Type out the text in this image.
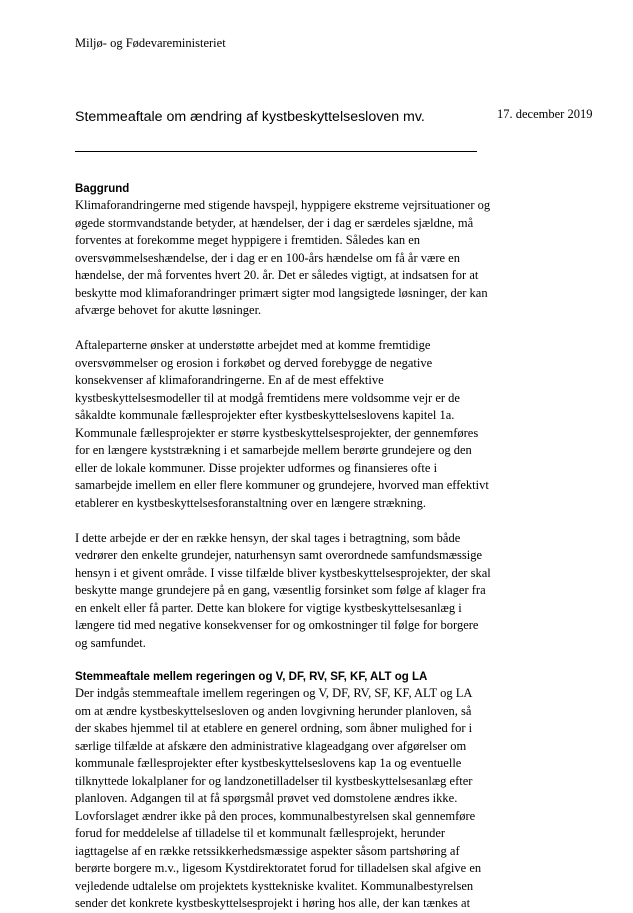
Miljø- og Fødevareministeriet
Stemmeaftale om ændring af kystbeskyttelsesloven mv.	17. december 2019
Baggrund
Klimaforandringerne med stigende havspejl, hyppigere ekstreme vejrsituationer og
øgede stormvandstande betyder, at hændelser, der i dag er særdeles sjældne, må
forventes at forekomme meget hyppigere i fremtiden. Således kan en
oversvømmelseshændelse, der i dag er en 100-års hændelse om få år være en
hændelse, der må forventes hvert 20. år. Det er således vigtigt, at indsatsen for at
beskytte mod klimaforandringer primært sigter mod langsigtede løsninger, der kan
afværge behovet for akutte løsninger.
Aftaleparterne ønsker at understøtte arbejdet med at komme fremtidige
oversvømmelser og erosion i forkøbet og derved forebygge de negative
konsekvenser af klimaforandringerne. En af de mest effektive
kystbeskyttelsesmodeller til at modgå fremtidens mere voldsomme vejr er de
såkaldte kommunale fællesprojekter efter kystbeskyttelseslovens kapitel 1a.
Kommunale fællesprojekter er større kystbeskyttelsesprojekter, der gennemføres
for en længere kyststrækning i et samarbejde mellem berørte grundejere og den
eller de lokale kommuner. Disse projekter udformes og finansieres ofte i
samarbejde imellem en eller flere kommuner og grundejere, hvorved man effektivt
etablerer en kystbeskyttelsesforanstaltning over en længere strækning.
I dette arbejde er der en række hensyn, der skal tages i betragtning, som både
vedrører den enkelte grundejer, naturhensyn samt overordnede samfundsmæssige
hensyn i et givent område. I visse tilfælde bliver kystbeskyttelsesprojekter, der skal
beskytte mange grundejere på en gang, væsentlig forsinket som følge af klager fra
en enkelt eller få parter. Dette kan blokere for vigtige kystbeskyttelsesanlæg i
længere tid med negative konsekvenser for og omkostninger til følge for borgere
og samfundet.
Stemmeaftale mellem regeringen og V, DF, RV, SF, KF, ALT og LA
Der indgås stemmeaftale imellem regeringen og V, DF, RV, SF, KF, ALT og LA
om at ændre kystbeskyttelsesloven og anden lovgivning herunder planloven, så
der skabes hjemmel til at etablere en generel ordning, som åbner mulighed for i
særlige tilfælde at afskære den administrative klageadgang over afgørelser om
kommunale fællesprojekter efter kystbeskyttelseslovens kap 1a og eventuelle
tilknyttede lokalplaner for og landzonetilladelser til kystbeskyttelsesanlæg efter
planloven. Adgangen til at få spørgsmål prøvet ved domstolene ændres ikke.
Lovforslaget ændrer ikke på den proces, kommunalbestyrelsen skal gennemføre
forud for meddelelse af tilladelse til et kommunalt fællesprojekt, herunder
iagttagelse af en række retssikkerhedsmæssige aspekter såsom partshøring af
berørte borgere m.v., ligesom Kystdirektoratet forud for tilladelsen skal afgive en
vejledende udtalelse om projektets kysttekniske kvalitet. Kommunalbestyrelsen
sender det konkrete kystbeskyttelsesprojekt i høring hos alle, der kan tænkes at
